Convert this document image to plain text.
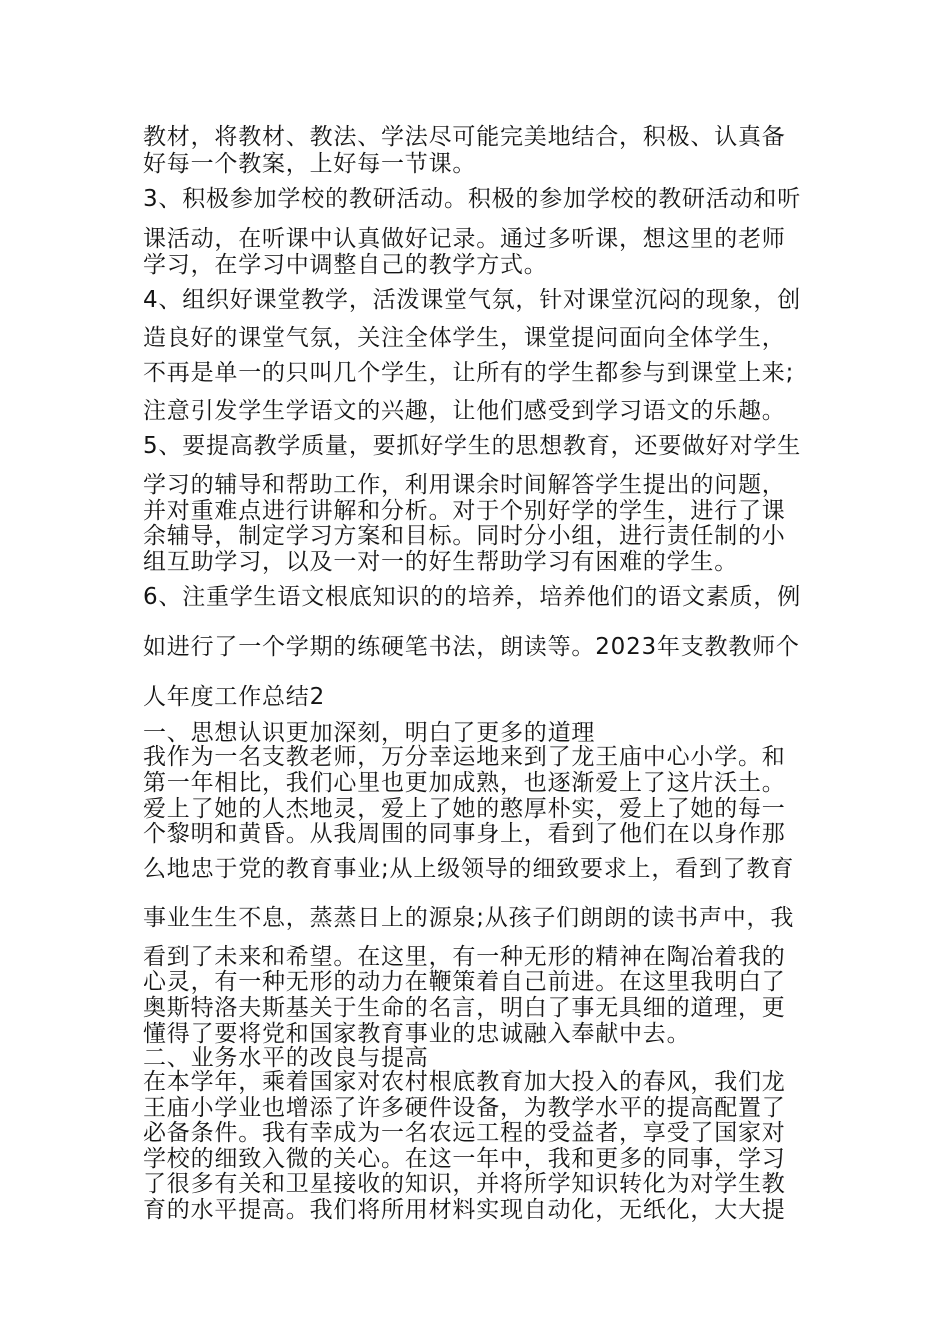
教材，将教材、教法、学法尽可能完美地结合，积极、认真备
好每一个教案，上好每一节课。
3、积极参加学校的教研活动。积极的参加学校的教研活动和听
课活动，在听课中认真做好记录。通过多听课，想这里的老师
学习，在学习中调整自己的教学方式。
4、组织好课堂教学，活泼课堂气氛，针对课堂沉闷的现象，创
造良好的课堂气氛，关注全体学生，课堂提问面向全体学生，
不再是单一的只叫几个学生，让所有的学生都参与到课堂上来;
注意引发学生学语文的兴趣，让他们感受到学习语文的乐趣。
5、要提高教学质量，要抓好学生的思想教育，还要做好对学生
学习的辅导和帮助工作，利用课余时间解答学生提出的问题，
并对重难点进行讲解和分析。对于个别好学的学生，进行了课
余辅导，制定学习方案和目标。同时分小组，进行责任制的小
组互助学习，以及一对一的好生帮助学习有困难的学生。
6、注重学生语文根底知识的的培养，培养他们的语文素质，例
如进行了一个学期的练硬笔书法，朗读等。2023年支教教师个
人年度工作总结2
一、思想认识更加深刻，明白了更多的道理
我作为一名支教老师，万分幸运地来到了龙王庙中心小学。和
第一年相比，我们心里也更加成熟，也逐渐爱上了这片沃土。
爱上了她的人杰地灵，爱上了她的憨厚朴实，爱上了她的每一
个黎明和黄昏。从我周围的同事身上，看到了他们在以身作那
么地忠于党的教育事业;从上级领导的细致要求上，看到了教育
事业生生不息，蒸蒸日上的源泉;从孩子们朗朗的读书声中，我
看到了未来和希望。在这里，有一种无形的精神在陶冶着我的
心灵，有一种无形的动力在鞭策着自己前进。在这里我明白了
奥斯特洛夫斯基关于生命的名言，明白了事无具细的道理，更
懂得了要将党和国家教育事业的忠诚融入奉献中去。
二、业务水平的改良与提高
在本学年，乘着国家对农村根底教育加大投入的春风，我们龙
王庙小学业也增添了许多硬件设备，为教学水平的提高配置了
必备条件。我有幸成为一名农远工程的受益者，享受了国家对
学校的细致入微的关心。在这一年中，我和更多的同事，学习
了很多有关和卫星接收的知识，并将所学知识转化为对学生教
育的水平提高。我们将所用材料实现自动化，无纸化，大大提
